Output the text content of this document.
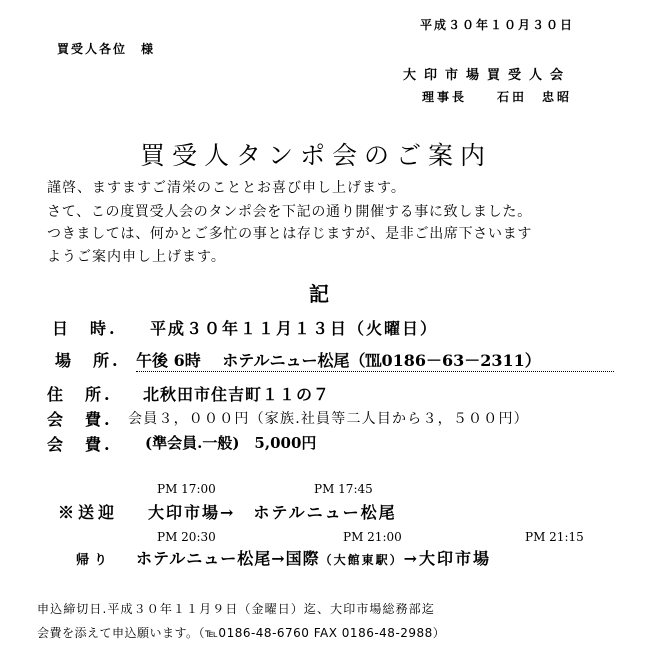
平成３０年１０月３０日
買受人各位　様
大印市場買受人会
理事長　　石田　忠昭
買受人タンポ会のご案内
謹啓、ますますご清栄のこととお喜び申し上げます。
さて、この度買受人会のタンポ会を下記の通り開催する事に致しました。
つきましては、何かとご多忙の事とは存じますが、是非ご出席下さいます
ようご案内申し上げます。
記
日　時. 平成３０年１１月１３日（火曜日）
場　所. 午後 6時　 ホテルニュー松尾（℡0186－63－2311）
住　所. 北秋田市住吉町１１の７
会　費. 会員３，０００円（家族.社員等二人目から３，５００円）
会　費. (準会員.一般)　5,000円
PM 17:00	PM 17:45
※送迎 大印市場→　ホテルニュー松尾
PM 20:30	PM 21:00	PM 21:15
帰り ホテルニュー松尾→国際（大館東駅）→大印市場
申込締切日.平成３０年１１月９日（金曜日）迄、大印市場総務部迄
会費を添えて申込願います。（℡0186-48-6760 FAX 0186-48-2988）
